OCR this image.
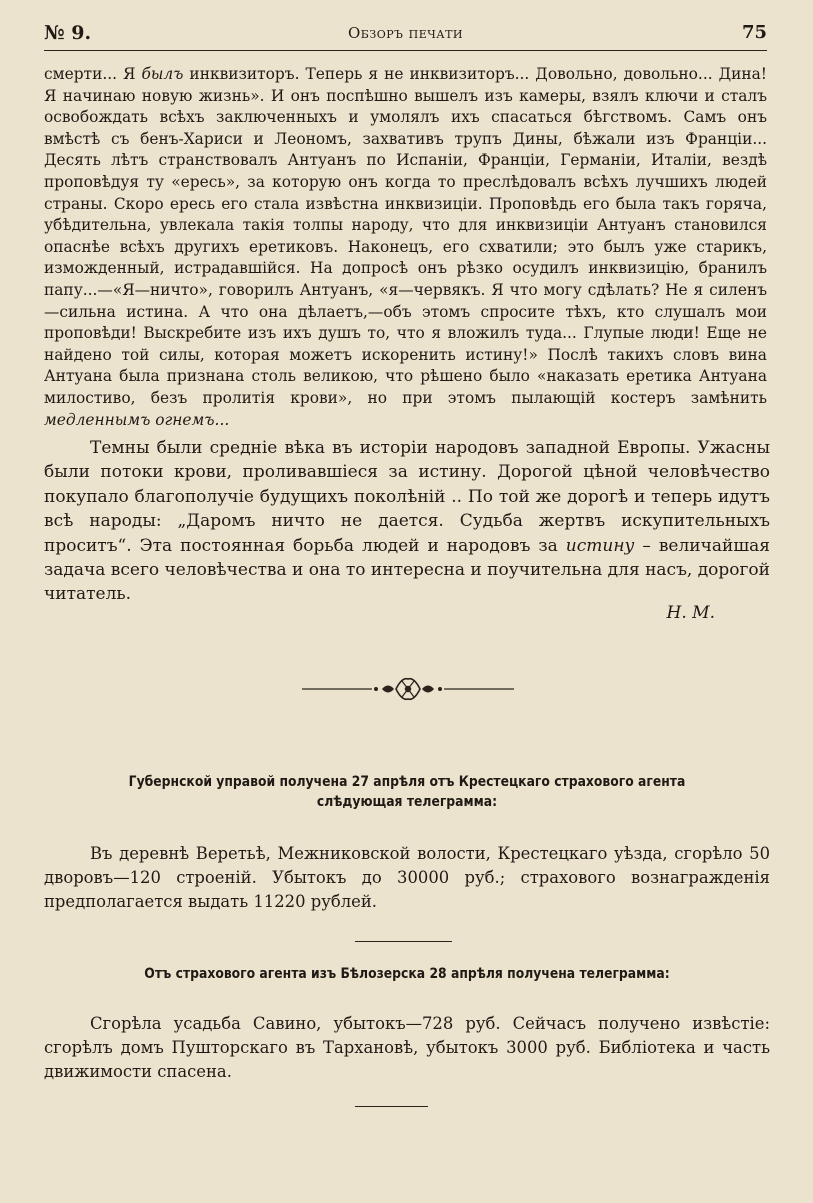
№ 9.	Обзоръ печати	75

смерти... Я былъ инквизиторъ. Теперь я не инквизиторъ... Довольно, довольно... Дина! Я начинаю новую жизнь». И онъ поспѣшно вышелъ изъ камеры, взялъ ключи и сталъ освобождать всѣхъ заключенныхъ и умолялъ ихъ спасаться бѣгствомъ. Самъ онъ вмѣстѣ съ бенъ-Хариси и Леономъ, захвативъ трупъ Дины, бѣжали изъ Франціи... Десять лѣтъ странствовалъ Антуанъ по Испаніи, Франціи, Германіи, Италіи, вездѣ проповѣдуя ту «ересь», за которую онъ когда то преслѣдовалъ всѣхъ лучшихъ людей страны. Скоро ересь его стала извѣстна инквизиціи. Проповѣдь его была такъ горяча, убѣдительна, увлекала такія толпы народу, что для инквизиціи Антуанъ становился опаснѣе всѣхъ другихъ еретиковъ. Наконецъ, его схватили; это былъ уже старикъ, изможденный, истрадавшійся. На допросѣ онъ рѣзко осудилъ инквизицію, бранилъ папу...—«Я—ничто», говорилъ Антуанъ, «я—червякъ. Я что могу сдѣлать? Не я силенъ—сильна истина. А что она дѣлаетъ,—объ этомъ спросите тѣхъ, кто слушалъ мои проповѣди! Выскребите изъ ихъ душъ то, что я вложилъ туда... Глупые люди! Еще не найдено той силы, которая можетъ искоренить истину!» Послѣ такихъ словъ вина Антуана была признана столь великою, что рѣшено было «наказать еретика Антуана милостиво, безъ пролитія крови», но при этомъ пылающій костеръ замѣнить медленнымъ огнемъ...

Темны были средніе вѣка въ исторіи народовъ западной Европы. Ужасны были потоки крови, проливавшіеся за истину. Дорогой цѣной человѣчество покупало благополучіе будущихъ поколѣній .. По той же дорогѣ и теперь идутъ всѣ народы: „Даромъ ничто не дается. Судьба жертвъ искупительныхъ проситъ“. Эта постоянная борьба людей и народовъ за истину – величайшая задача всего человѣчества и она то интересна и поучительна для насъ, дорогой читатель.

Н. М.
Губернской управой получена 27 апрѣля отъ Крестецкаго страхового агента слѣдующая телеграмма:

Въ деревнѣ Веретьѣ, Межниковской волости, Крестецкаго уѣзда, сгорѣло 50 дворовъ—120 строеній. Убытокъ до 30000 руб.; страхового вознагражденія предполагается выдать 11220 рублей.

Отъ страхового агента изъ Бѣлозерска 28 апрѣля получена телеграмма:

Сгорѣла усадьба Савино, убытокъ—728 руб. Сейчасъ получено извѣстіе: сгорѣлъ домъ Пушторскаго въ Тархановѣ, убытокъ 3000 руб. Библіотека и часть движимости спасена.
